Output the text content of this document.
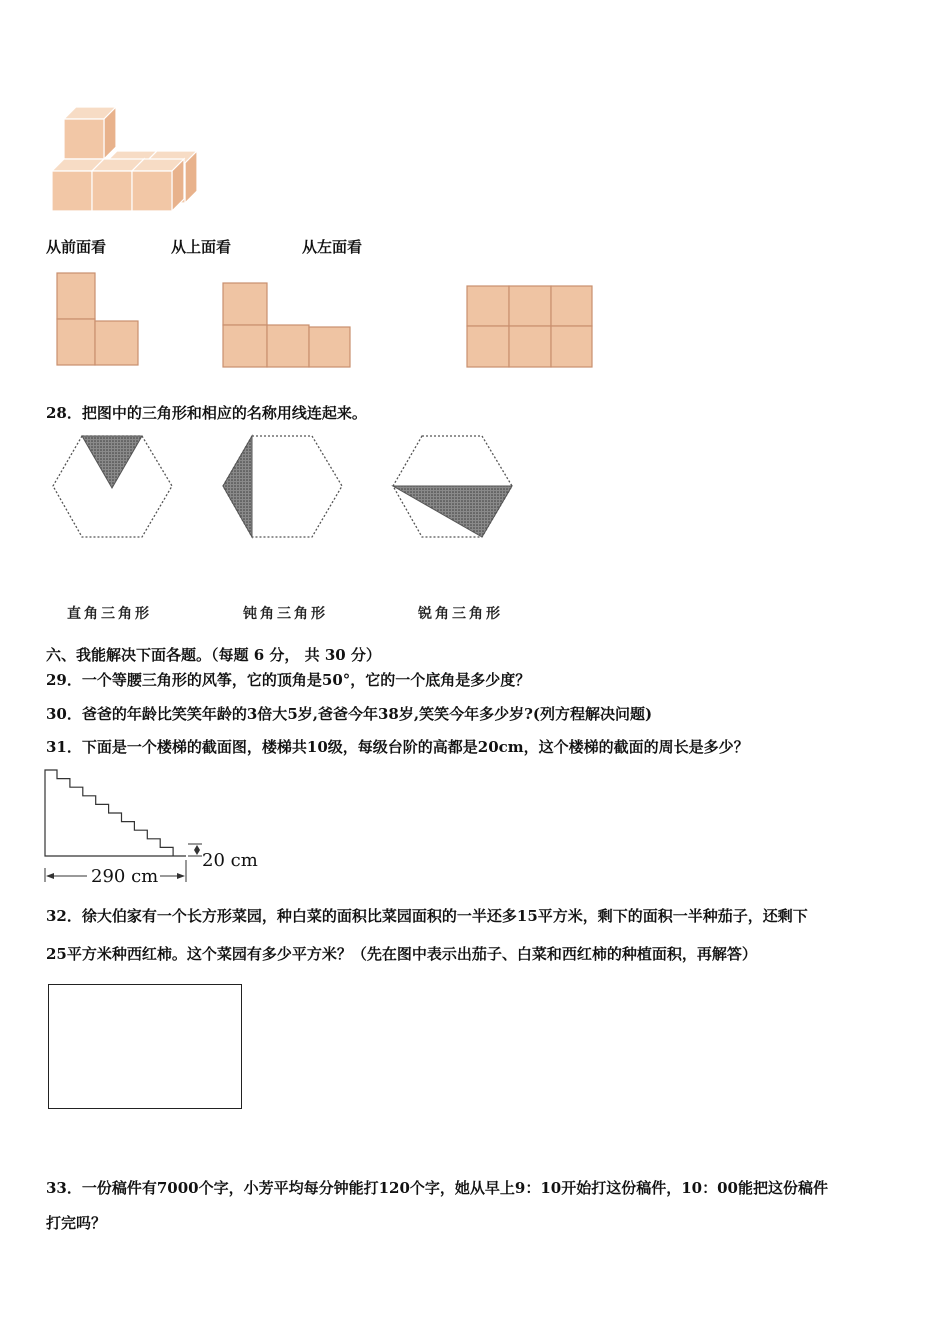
从前面看	从上面看	从左面看
28．把图中的三角形和相应的名称用线连起来。
直角三角形	钝角三角形	锐角三角形
六、我能解决下面各题。（每题 6 分， 共 30 分）
29．一个等腰三角形的风筝，它的顶角是50°，它的一个底角是多少度？
30．爸爸的年龄比笑笑年龄的3倍大5岁,爸爸今年38岁,笑笑今年多少岁?(列方程解决问题)
31．下面是一个楼梯的截面图，楼梯共10级，每级台阶的高都是20cm，这个楼梯的截面的周长是多少？
290 cm
20 cm
32．徐大伯家有一个长方形菜园，种白菜的面积比菜园面积的一半还多15平方米，剩下的面积一半种茄子，还剩下
25平方米种西红柿。这个菜园有多少平方米？（先在图中表示出茄子、白菜和西红柿的种植面积，再解答）
33．一份稿件有7000个字，小芳平均每分钟能打120个字，她从早上9：10开始打这份稿件，10：00能把这份稿件
打完吗？
